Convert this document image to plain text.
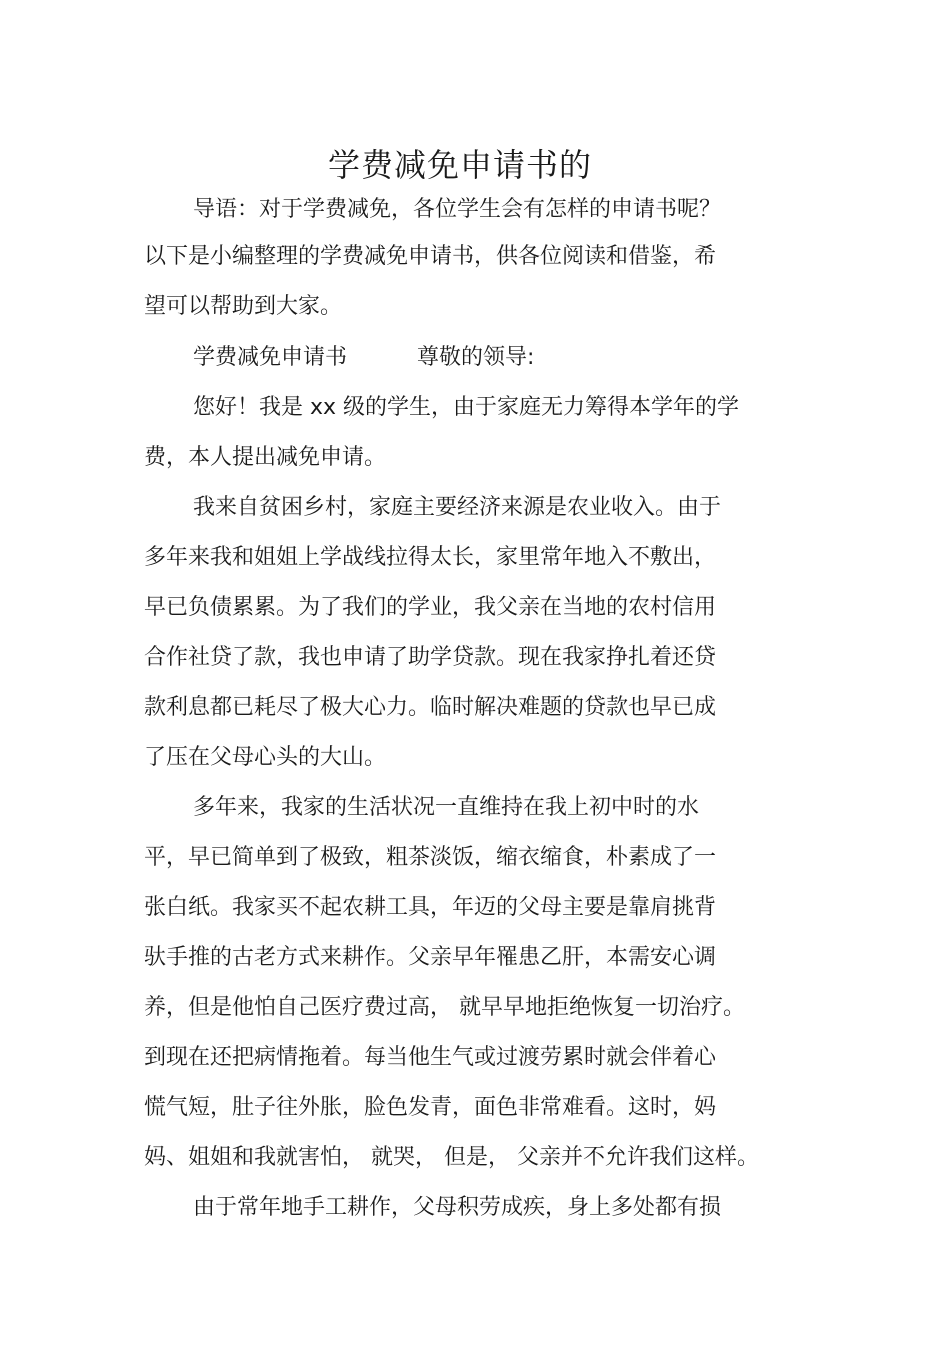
学费减免申请书的
导语：对于学费减免，各位学生会有怎样的申请书呢？
以下是小编整理的学费减免申请书，供各位阅读和借鉴，希
望可以帮助到大家。
学费减免申请书	尊敬的领导:
您好！我是 xx 级的学生，由于家庭无力筹得本学年的学
费，本人提出减免申请。
我来自贫困乡村，家庭主要经济来源是农业收入。由于
多年来我和姐姐上学战线拉得太长，家里常年地入不敷出，
早已负债累累。为了我们的学业，我父亲在当地的农村信用
合作社贷了款，我也申请了助学贷款。现在我家挣扎着还贷
款利息都已耗尽了极大心力。临时解决难题的贷款也早已成
了压在父母心头的大山。
多年来，我家的生活状况一直维持在我上初中时的水
平，早已简单到了极致，粗茶淡饭，缩衣缩食，朴素成了一
张白纸。我家买不起农耕工具，年迈的父母主要是靠肩挑背
驮手推的古老方式来耕作。父亲早年罹患乙肝，本需安心调
养，但是他怕自己医疗费过高， 就早早地拒绝恢复一切治疗。
到现在还把病情拖着。每当他生气或过渡劳累时就会伴着心
慌气短，肚子往外胀，脸色发青，面色非常难看。这时，妈
妈、姐姐和我就害怕， 就哭， 但是， 父亲并不允许我们这样。
由于常年地手工耕作，父母积劳成疾，身上多处都有损
